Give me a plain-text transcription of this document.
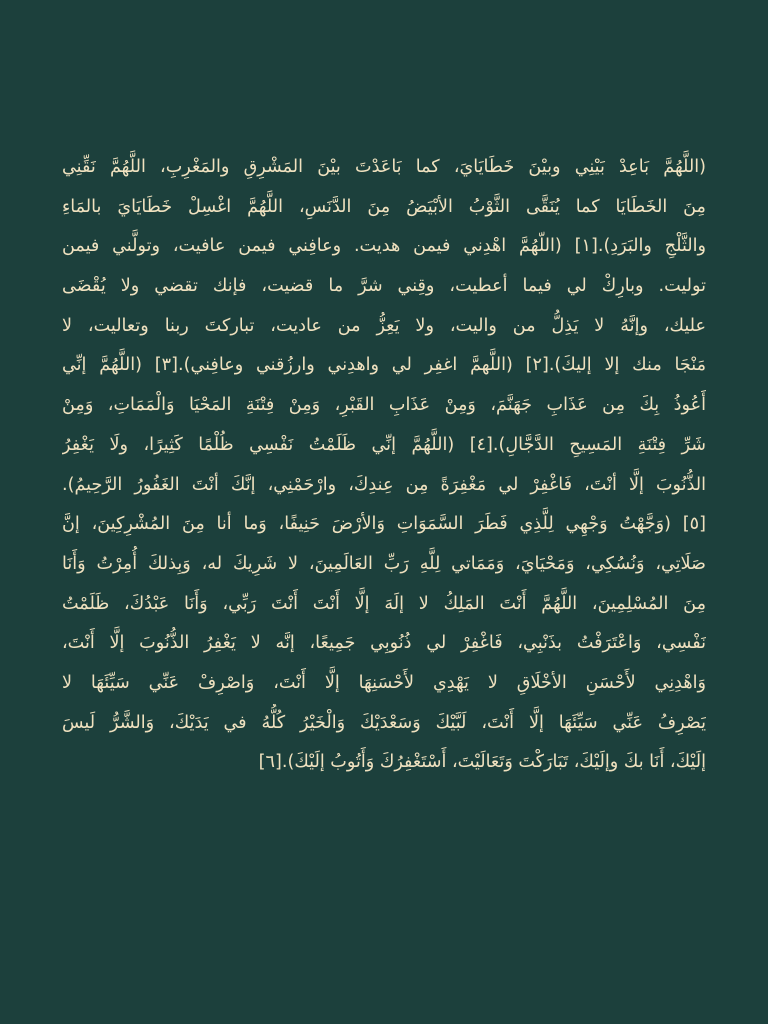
(اللَّهُمَّ بَاعِدْ بَيْنِي وبيْنَ خَطَايَايَ، كما بَاعَدْتَ بيْنَ المَشْرِقِ والمَغْرِبِ، اللَّهُمَّ نَقِّنِي
مِنَ الخَطَايَا كما يُنَقَّى الثَّوْبُ الأبْيَضُ مِنَ الدَّنَسِ، اللَّهُمَّ اغْسِلْ خَطَايَايَ بالمَاءِ
والثَّلْجِ والبَرَدِ).[١] (اللّهُمَّ اهْدِني فيمن هديت. وعافِني فيمن عافيت، وتولَّني فيمن
توليت. وبارِكْ لي فيما أعطيت، وقِني شرَّ ما قضيت، فإنك تقضي ولا يُقْضَى
عليك، وإنَّهُ لا يَذِلُّ من واليت، ولا يَعِزُّ من عاديت، تباركتَ ربنا وتعاليت، لا
مَنْجَا منك إلا إليكَ).[٢] (اللَّهمَّ اغفِر لي واهدِني وارزُقني وعافِني).[٣] (اللَّهُمَّ إنِّي
أَعُوذُ بِكَ مِن عَذَابِ جَهَنَّمَ، وَمِنْ عَذَابِ القَبْرِ، وَمِنْ فِتْنَةِ المَحْيَا وَالْمَمَاتِ، وَمِنْ
شَرِّ فِتْنَةِ المَسِيحِ الدَّجَّالِ).[٤] (اللَّهُمَّ إنِّي ظَلَمْتُ نَفْسِي ظُلْمًا كَثِيرًا، ولَا يَغْفِرُ
الذُّنُوبَ إلَّا أنْتَ، فَاغْفِرْ لي مَغْفِرَةً مِن عِندِكَ، وارْحَمْنِي، إنَّكَ أنْتَ الغَفُورُ الرَّحِيمُ).
[٥] (وَجَّهْتُ وَجْهِي لِلَّذِي فَطَرَ السَّمَوَاتِ وَالأرْضَ حَنِيفًا، وَما أنا مِنَ المُشْرِكِينَ، إنَّ
صَلَاتِي، وَنُسُكِي، وَمَحْيَايَ، وَمَمَاتي لِلَّهِ رَبِّ العَالَمِينَ، لا شَرِيكَ له، وَبِذلكَ أُمِرْتُ وَأَنَا
مِنَ المُسْلِمِينَ، اللَّهُمَّ أَنْتَ المَلِكُ لا إلَهَ إلَّا أَنْتَ أَنْتَ رَبِّي، وَأَنَا عَبْدُكَ، ظَلَمْتُ
نَفْسِي، وَاعْتَرَفْتُ بذَنْبِي، فَاغْفِرْ لي ذُنُوبِي جَمِيعًا، إنَّه لا يَغْفِرُ الذُّنُوبَ إلَّا أَنْتَ،
وَاهْدِنِي لأَحْسَنِ الأخْلَاقِ لا يَهْدِي لأَحْسَنِهَا إلَّا أَنْتَ، وَاصْرِفْ عَنِّي سَيِّئَهَا لا
يَصْرِفُ عَنِّي سَيِّئَهَا إلَّا أَنْتَ، لَبَّيْكَ وَسَعْدَيْكَ وَالْخَيْرُ كُلُّهُ في يَدَيْكَ، وَالشَّرُّ لَيسَ
إلَيْكَ، أَنَا بكَ وإلَيْكَ، تَبَارَكْتَ وَتَعَالَيْتَ، أَسْتَغْفِرُكَ وَأَتُوبُ إلَيْكَ).[٦]
